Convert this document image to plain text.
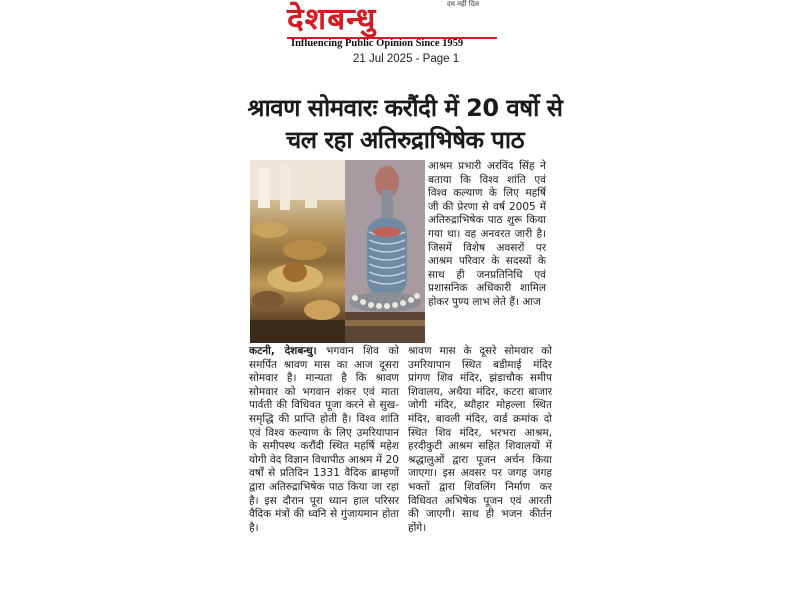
दम नहीं दिल
देशबन्धु
Influencing Public Opinion Since 1959
21 Jul 2025 - Page 1
श्रावण सोमवारः करौंदी में 20 वर्षो से चल रहा अतिरुद्राभिषेक पाठ

कटनी, देशबन्धु। भगवान शिव को समर्पित श्रावण मास का आज दूसरा सोमवार है। मान्यता है कि श्रावण सोमवार को भगवान शंकर एवं माता पार्वती की विधिवत पूजा करने से सुख-समृद्धि की प्राप्ति होती है। विश्व शांति एवं विश्व कल्याण के लिए उमरियापान के समीपस्थ करौंदी स्थित महर्षि महेश योगी वेद विज्ञान विधापीठ आश्रम में 20 वर्षों से प्रतिदिन 1331 वैदिक ब्राम्हणों द्वारा अतिरुद्राभिषेक पाठ किया जा रहा है। इस दौरान पूरा ध्यान हाल परिसर वैदिक मंत्रों की ध्वनि से गुंजायमान होता है।

आश्रम प्रभारी अरविंद सिंह ने बताया कि विश्व शांति एवं विश्व कल्याण के लिए महर्षि जी की प्रेरणा से वर्ष 2005 में अतिरुद्राभिषेक पाठ शुरू किया गया था। वह अनवरत जारी है। जिसमें विशेष अवसरों पर आश्रम परिवार के सदस्यों के साथ ही जनप्रतिनिधि एवं प्रशासनिक अधिकारी शामिल होकर पुण्य लाभ लेते हैं। आज

श्रावण मास के दूसरे सोमवार को उमरियापान स्थित बडीमाई मंदिर प्रांगण शिव मंदिर, झंडाचौक समीप शिवालय, अथैया मंदिर, कटरा बाजार जोगी मंदिर, ब्यौहार मोहल्ला स्थित मंदिर, बावली मंदिर, वार्ड क्रमांक दो स्थित शिव मंदिर, भरभरा आश्रम, हरदीकुटी आश्रम सहित शिवालयों में श्रद्धालुओं द्वारा पूजन अर्चन किया जाएगा। इस अवसर पर जगह जगह भक्तों द्वारा शिवलिंग निर्माण कर विधिवत अभिषेक पूजन एवं आरती की जाएगी। साथ ही भजन कीर्तन होंगे।
